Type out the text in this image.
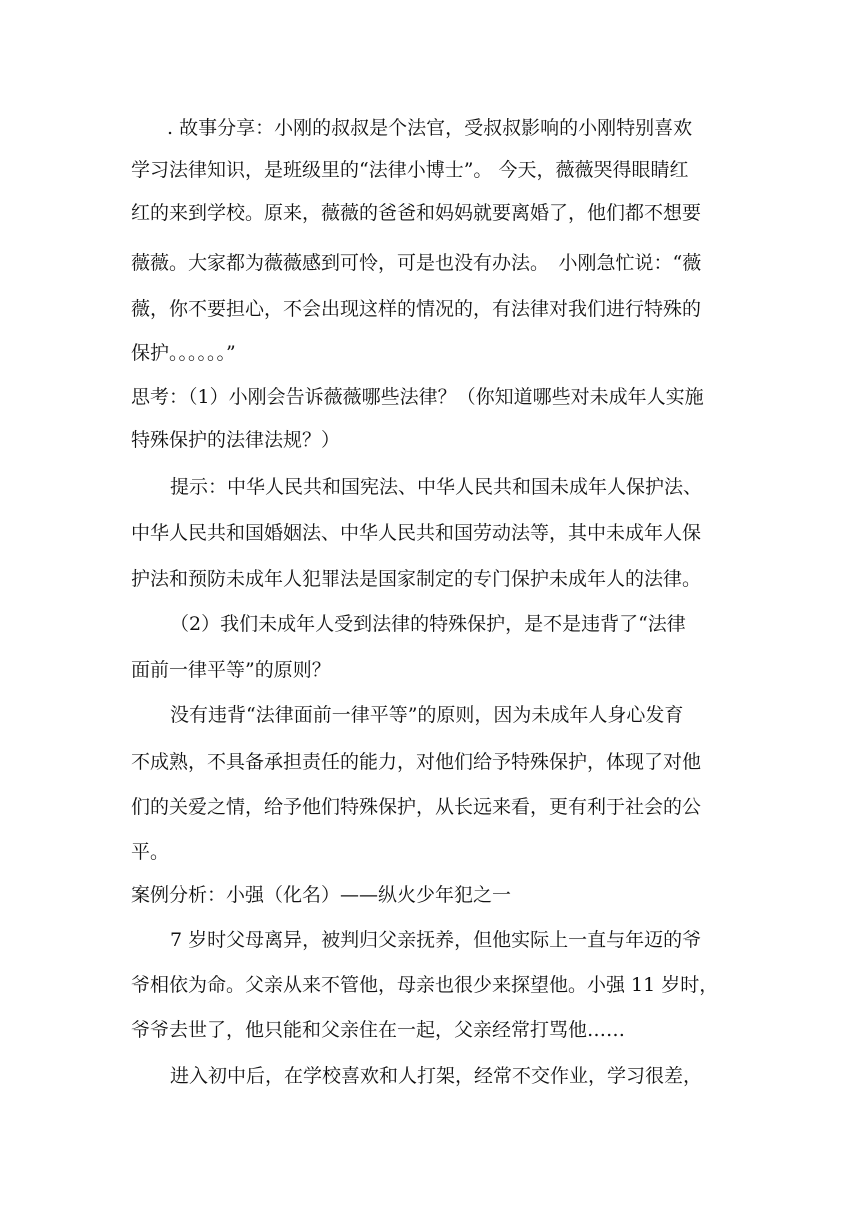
. 故事分享：小刚的叔叔是个法官，受叔叔影响的小刚特别喜欢
学习法律知识，是班级里的“法律小博士”。 今天，薇薇哭得眼睛红
红的来到学校。原来，薇薇的爸爸和妈妈就要离婚了，他们都不想要
薇薇。大家都为薇薇感到可怜，可是也没有办法。　小刚急忙说：“薇
薇，你不要担心，不会出现这样的情况的，有法律对我们进行特殊的
保护。。。。。。”
思考：（1）小刚会告诉薇薇哪些法律？（你知道哪些对未成年人实施
特殊保护的法律法规？）
提示：中华人民共和国宪法、中华人民共和国未成年人保护法、
中华人民共和国婚姻法、中华人民共和国劳动法等，其中未成年人保
护法和预防未成年人犯罪法是国家制定的专门保护未成年人的法律。
（2）我们未成年人受到法律的特殊保护，是不是违背了“法律
面前一律平等”的原则？
没有违背“法律面前一律平等”的原则，因为未成年人身心发育
不成熟，不具备承担责任的能力，对他们给予特殊保护，体现了对他
们的关爱之情，给予他们特殊保护，从长远来看，更有利于社会的公
平。
案例分析：小强（化名）——纵火少年犯之一
7 岁时父母离异，被判归父亲抚养，但他实际上一直与年迈的爷
爷相依为命。父亲从来不管他，母亲也很少来探望他。小强 11 岁时，
爷爷去世了，他只能和父亲住在一起，父亲经常打骂他……
进入初中后，在学校喜欢和人打架，经常不交作业，学习很差，
